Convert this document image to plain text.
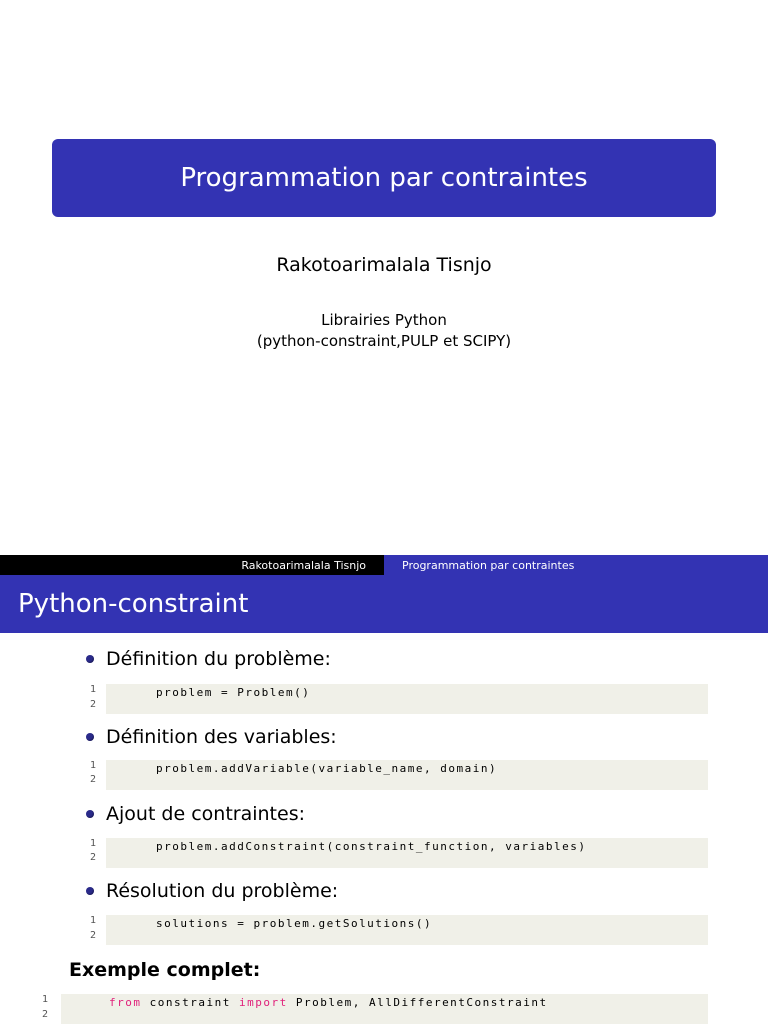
Programmation par contraintes
Rakotoarimalala Tisnjo
Librairies Python
(python-constraint,PULP et SCIPY)
Rakotoarimalala Tisnjo	Programmation par contraintes
Python-constraint
Définition du problème:
1
2
problem = Problem()
Définition des variables:
1
2
problem.addVariable(variable_name, domain)
Ajout de contraintes:
1
2
problem.addConstraint(constraint_function, variables)
Résolution du problème:
1
2
solutions = problem.getSolutions()
Exemple complet:
1
2
from constraint import Problem, AllDifferentConstraint
